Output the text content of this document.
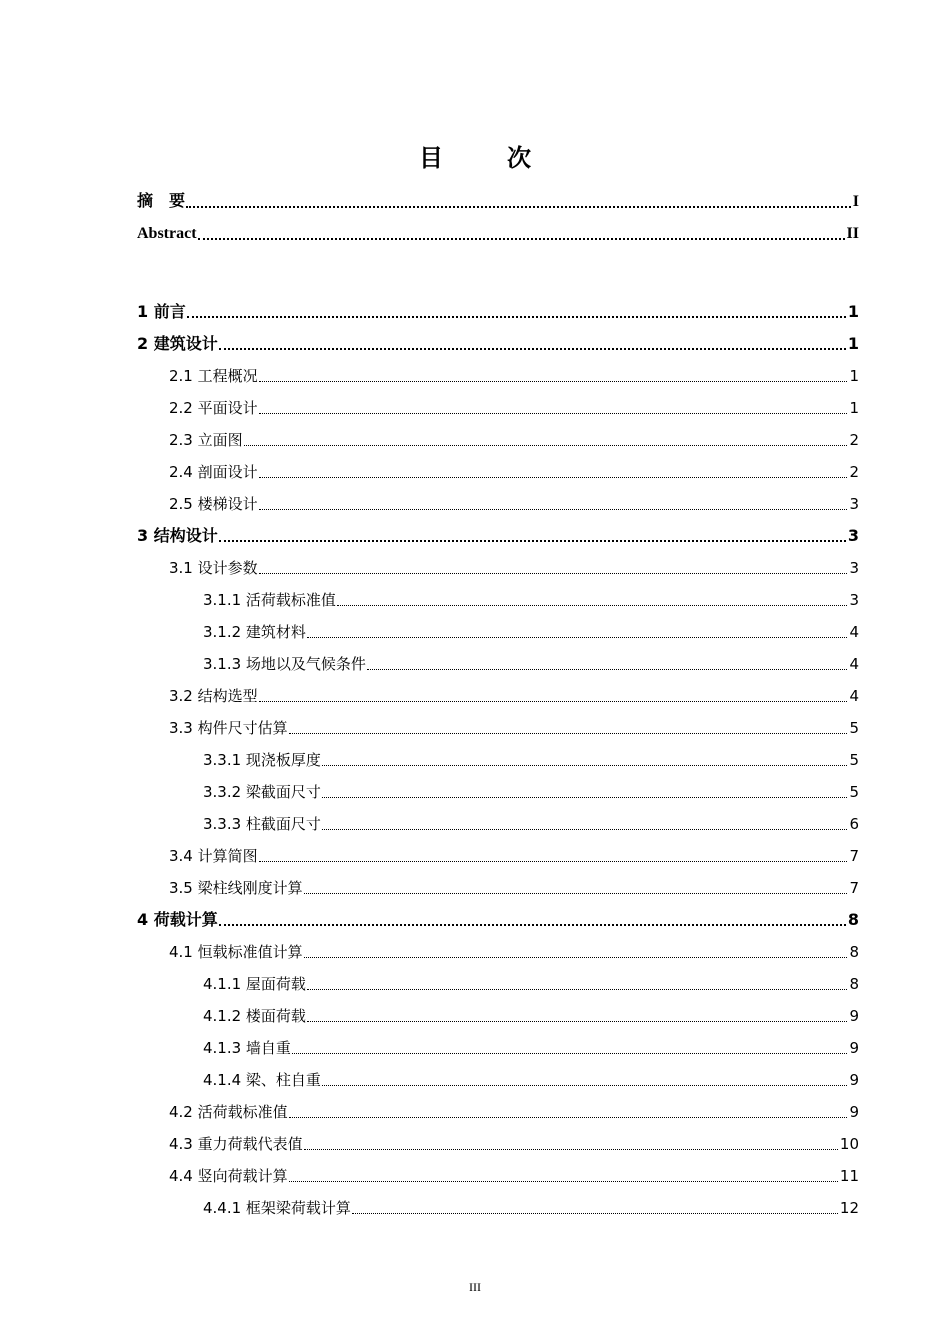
目　次
摘　要	I
Abstract	II
1 前言	1
2 建筑设计	1
2.1 工程概况	1
2.2 平面设计	1
2.3 立面图	2
2.4 剖面设计	2
2.5 楼梯设计	3
3 结构设计	3
3.1 设计参数	3
3.1.1 活荷载标准值	3
3.1.2 建筑材料	4
3.1.3 场地以及气候条件	4
3.2 结构选型	4
3.3 构件尺寸估算	5
3.3.1 现浇板厚度	5
3.3.2 梁截面尺寸	5
3.3.3 柱截面尺寸	6
3.4 计算简图	7
3.5 梁柱线刚度计算	7
4 荷载计算	8
4.1 恒载标准值计算	8
4.1.1 屋面荷载	8
4.1.2 楼面荷载	9
4.1.3 墙自重	9
4.1.4 梁、柱自重	9
4.2 活荷载标准值	9
4.3 重力荷载代表值	10
4.4 竖向荷载计算	11
4.4.1 框架梁荷载计算	12
III
